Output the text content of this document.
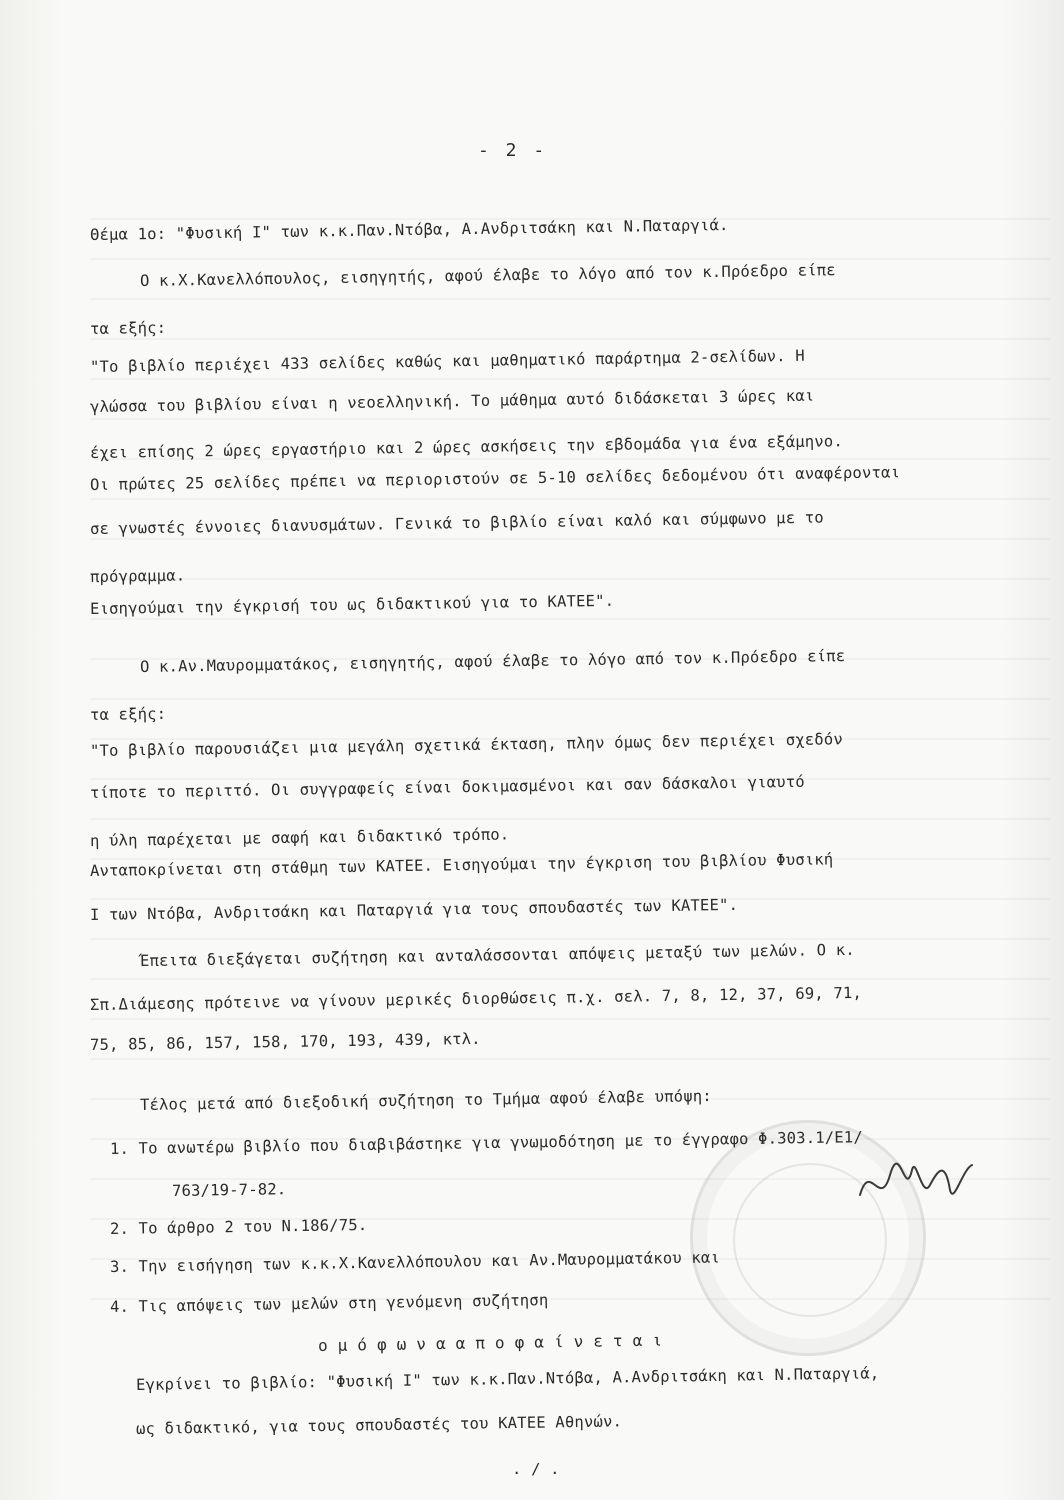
- 2 -
Θέμα 1ο: "Φυσική Ι" των κ.κ.Παν.Ντόβα, Α.Ανδριτσάκη και Ν.Παταργιά.
Ο κ.Χ.Κανελλόπουλος, εισηγητής, αφού έλαβε το λόγο από τον κ.Πρόεδρο είπε
τα εξής:
"Το βιβλίο περιέχει 433 σελίδες καθώς και μαθηματικό παράρτημα 2-σελίδων. Η
γλώσσα του βιβλίου είναι η νεοελληνική. Το μάθημα αυτό διδάσκεται 3 ώρες και
έχει επίσης 2 ώρες εργαστήριο και 2 ώρες ασκήσεις την εβδομάδα για ένα εξάμηνο.
Οι πρώτες 25 σελίδες πρέπει να περιοριστούν σε 5-10 σελίδες δεδομένου ότι αναφέρονται
σε γνωστές έννοιες διανυσμάτων. Γενικά το βιβλίο είναι καλό και σύμφωνο με το
πρόγραμμα.
Εισηγούμαι την έγκρισή του ως διδακτικού για το ΚΑΤΕΕ".
Ο κ.Αν.Μαυρομματάκος, εισηγητής, αφού έλαβε το λόγο από τον κ.Πρόεδρο είπε
τα εξής:
"Το βιβλίο παρουσιάζει μια μεγάλη σχετικά έκταση, πλην όμως δεν περιέχει σχεδόν
τίποτε το περιττό. Οι συγγραφείς είναι δοκιμασμένοι και σαν δάσκαλοι γιαυτό
η ύλη παρέχεται με σαφή και διδακτικό τρόπο.
Ανταποκρίνεται στη στάθμη των ΚΑΤΕΕ. Εισηγούμαι την έγκριση του βιβλίου Φυσική
Ι των Ντόβα, Ανδριτσάκη και Παταργιά για τους σπουδαστές των ΚΑΤΕΕ".
Έπειτα διεξάγεται συζήτηση και ανταλάσσονται απόψεις μεταξύ των μελών. Ο κ.
Σπ.Διάμεσης πρότεινε να γίνουν μερικές διορθώσεις π.χ. σελ. 7, 8, 12, 37, 69, 71,
75, 85, 86, 157, 158, 170, 193, 439, κτλ.
Τέλος μετά από διεξοδική συζήτηση το Τμήμα αφού έλαβε υπόψη:
1. Το ανωτέρω βιβλίο που διαβιβάστηκε για γνωμοδότηση με το έγγραφο Φ.303.1/Ε1/
763/19-7-82.
2. Το άρθρο 2 του Ν.186/75.
3. Την εισήγηση των κ.κ.Χ.Κανελλόπουλου και Αν.Μαυρομματάκου και
4. Τις απόψεις των μελών στη γενόμενη συζήτηση
ο μ ό φ ω ν α α π ο φ α ί ν ε τ α ι
Εγκρίνει το βιβλίο: "Φυσική Ι" των κ.κ.Παν.Ντόβα, Α.Ανδριτσάκη και Ν.Παταργιά,
ως διδακτικό, για τους σπουδαστές του ΚΑΤΕΕ Αθηνών.
. / .
